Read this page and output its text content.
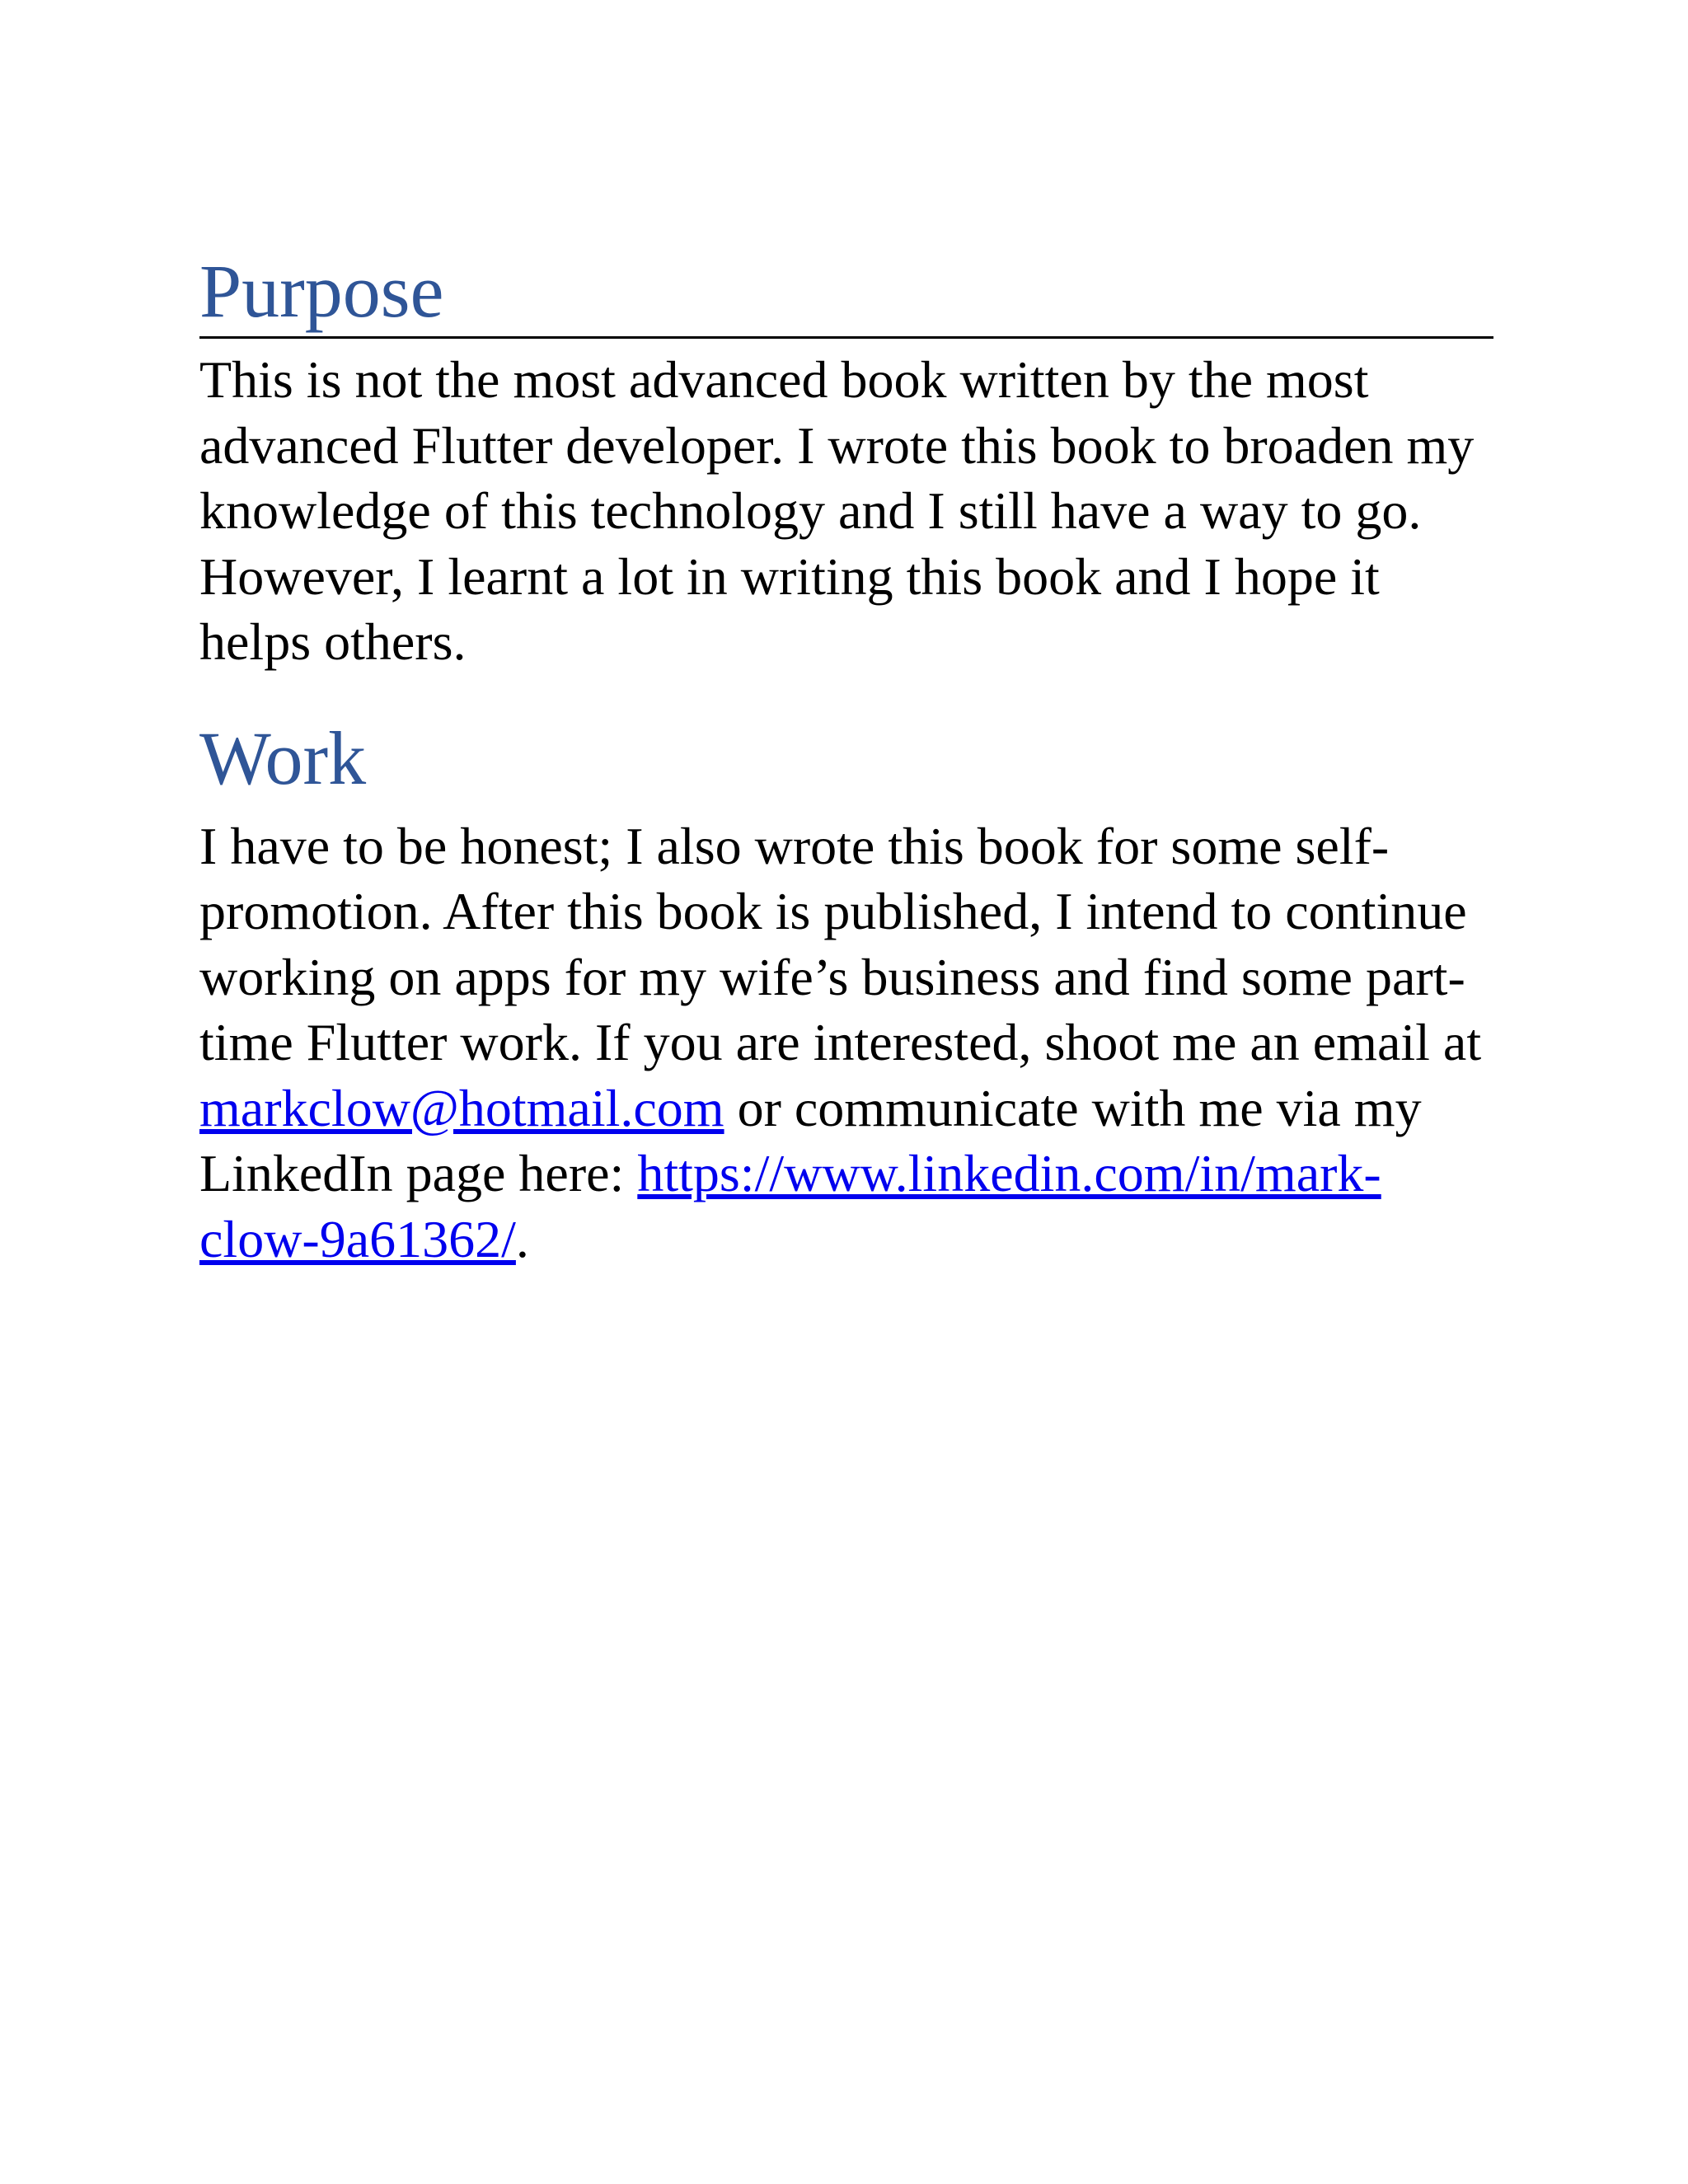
Purpose

This is not the most advanced book written by the most advanced Flutter developer. I wrote this book to broaden my knowledge of this technology and I still have a way to go. However, I learnt a lot in writing this book and I hope it helps others.

Work

I have to be honest; I also wrote this book for some self-promotion. After this book is published, I intend to continue working on apps for my wife’s business and find some part-time Flutter work. If you are interested, shoot me an email at markclow@hotmail.com or communicate with me via my LinkedIn page here: https://www.linkedin.com/in/mark-clow-9a61362/.
